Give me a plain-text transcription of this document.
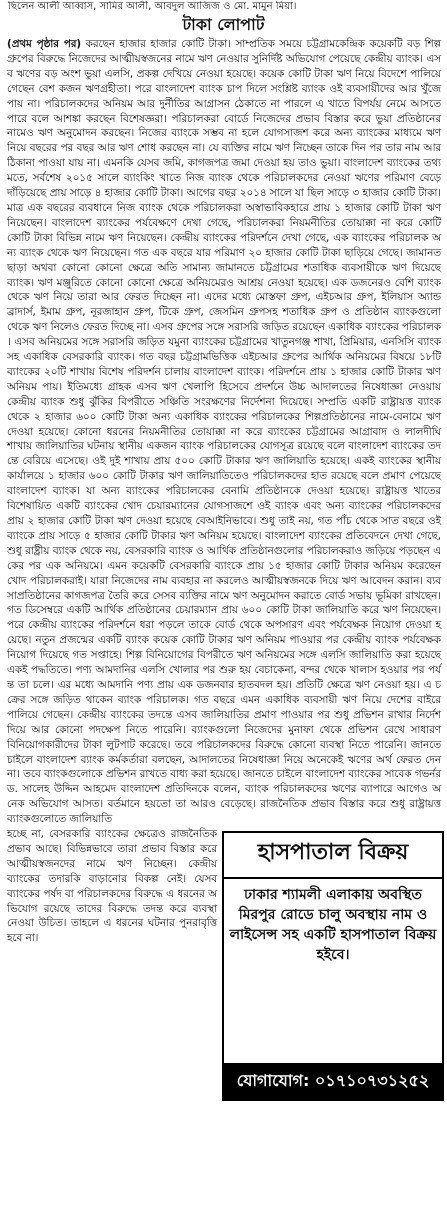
ছিলেন আলী আব্বাস, সামির আলী, আবদুল আজিজ ও মো. মামুন মিয়া।
টাকা লোপাট

(প্রথম পৃষ্ঠার পর) করছেন হাজার হাজার কোটি টাকা। সাম্প্রতিক সময়ে চট্টগ্রামকেন্দ্রিক কয়েকটি বড় শিল্প গ্রুপের বিরুদ্ধে নিজেদের আত্মীয়স্বজনের নামে ঋণ নেওয়ার সুনির্দিষ্ট অভিযোগ পেয়েছে কেন্দ্রীয় ব্যাংক। এসব ঋণের বড় অংশ ভুয়া এলসি, প্রকল্প দেখিয়ে নেওয়া হয়েছে। কয়েক কোটি টাকা ঋণ নিয়ে বিদেশে পালিয়ে গেছেন বেশ কজন ঋণগ্রহীতা। পরে বাংলাদেশ ব্যাংক চাপ দিলে সংশ্লিষ্ট ব্যাংক ওই ব্যবসায়ীদের আর খুঁজে পায় না। পরিচালকদের অনিয়ম আর দুর্নীতির আগ্রাসন ঠেকাতে না পারলে এ খাতে বিপর্যয় নেমে আসতে পারে বলে আশঙ্কা করছেন বিশেষজ্ঞরা। পরিচালকরা বোর্ডে নিজেদের প্রভাব বিস্তার করে ভুয়া প্রতিষ্ঠানের নামেও ঋণ অনুমোদন করছেন। নিজের ব্যাংকে সম্ভব না হলে যোগসাজশ করে অন্য ব্যাংকের মাধ্যমে ঋণ নিয়ে বছরের পর বছর আর ঋণ শোধ করছেন না। যে ব্যক্তির নামে ঋণ নিচ্ছেন তাকে দিন পর তার নাম আর ঠিকানা পাওয়া যায় না। এমনকি যেসব জমি, কাগজপত্র জমা দেওয়া হয় তাও ভুয়া। বাংলাদেশ ব্যাংকের তথ্যমতে, সর্বশেষ ২০১৫ সালে ব্যাংকিং খাতে নিজ ব্যাংক থেকে পরিচালকদের নেওয়া ঋণের পরিমাণ বেড়ে দাঁড়িয়েছে প্রায় সাড়ে ৪ হাজার কোটি টাকা। আগের বছর ২০১৪ সালে যা ছিল সাড়ে ৩ হাজার কোটি টাকা। মাত্র এক বছরের ব্যবধানে নিজ ব্যাংক থেকে পরিচালকরা অস্বাভাবিকহারে প্রায় ১ হাজার কোটি টাকা ঋণ নিয়েছেন। বাংলাদেশ ব্যাংকের পর্যবেক্ষণে দেখা গেছে, পরিচালকরা নিয়মনীতির তোয়াক্কা না করে কোটি কোটি টাকা বিভিন্ন নামে ঋণ নিয়েছেন। কেন্দ্রীয় ব্যাংকের পরিদর্শনে দেখা গেছে, এক ব্যাংকের পরিচালক অন্য ব্যাংক থেকে ঋণ নিয়েছেন। গত এক বছরে যার পরিমাণ ২০ হাজার কোটি টাকা ছাড়িয়ে গেছে। জামানত ছাড়া অথবা কোনো কোনো ক্ষেত্রে অতি সামান্য জামানতে চট্টগ্রামের শতাধিক ব্যবসায়ীকে ঋণ দিয়েছে ব্যাংক। ঋণ মঞ্জুরিতে কোনো কোনো ক্ষেত্রে অনিয়মেরও আশ্রয় নেওয়া হয়েছে। এক ডজনেরও বেশি ব্যাংক থেকে ঋণ নিয়ে তারা আর ফেরত দিচ্ছেন না। এদের মধ্যে মোস্তফা গ্রুপ, এইচআর গ্রুপ, ইলিয়াস অ্যান্ড ব্রাদার্স, ইমাম গ্রুপ, নূরজাহান গ্রুপ, টিকে গ্রুপ, জেসমিন গ্রুপসহ শতাধিক গ্রুপ ও প্রতিষ্ঠান ব্যাংকগুলো থেকে ঋণ নিলেও ফেরত দিচ্ছে না। এসব গ্রুপের সঙ্গে সরাসরি জড়িত রয়েছেন একাধিক ব্যাংকের পরিচালক। এসব অনিয়মের সঙ্গে সরাসরি জড়িত যমুনা ব্যাংকের চট্টগ্রামের খাতুনগঞ্জ শাখা, প্রিমিয়ার, এনসিসি ব্যাংকসহ একাধিক বেসরকারি ব্যাংক। গত বছর চট্টগ্রামভিত্তিক এইচআর গ্রুপের আর্থিক অনিয়মের বিষয়ে ১৮টি ব্যাংকের ২০টি শাখায় বিশেষ পরিদর্শন চালায় বাংলাদেশ ব্যাংক। পরিদর্শনে প্রায় ১ হাজার কোটি টাকার ঋণ অনিয়ম পায়। ইতিমধ্যে গ্রাহক এসব ঋণ খেলাপি হিসেবে প্রদর্শনে উচ্চ আদালতের নিষেধাজ্ঞা নেওয়ায় কেন্দ্রীয় ব্যাংক শুধু ঝুঁকির বিপরীতে সঞ্চিতি সংরক্ষণের নির্দেশনা দিয়েছে। সম্প্রতি একটি রাষ্ট্রায়ত্ত ব্যাংক থেকে ২ হাজার ৬০০ কোটি টাকা অন্য একাধিক ব্যাংকের পরিচালকের শিল্পপ্রতিষ্ঠানের নামে-বেনামে ঋণ দেওয়া হয়েছে। কোনো ধরনের নিয়মনীতির তোয়াক্কা না করে ব্যাংকের চট্টগ্রামের আগ্রাবাদ ও লালদীঘি শাখায় জালিয়াতির ঘটনায় স্থানীয় একজন ব্যাংক পরিচালকের যোগসূত্র রয়েছে বলে বাংলাদেশ ব্যাংকের তদন্তে বেরিয়ে এসেছে। ওই দুই শাখায় প্রায় ৫০০ কোটি টাকার ঋণ জালিয়াতি হয়েছে। একই ব্যাংকের স্থানীয় কার্যালয়ে ১ হাজার ৬০০ কোটি টাকার ঋণ জালিয়াতিতেও পরিচালকদের হাত রয়েছে বলে প্রমাণ পেয়েছে বাংলাদেশ ব্যাংক। যা অন্য ব্যাংকের পরিচালকের বেনামি প্রতিষ্ঠানকে দেওয়া হয়েছে। রাষ্ট্রায়ত্ত খাতের বিশেষায়িত একটি ব্যাংকের খোদ চেয়ারম্যানের যোগসাজশে ওই ব্যাংক এবং অন্য ব্যাংকের পরিচালকদের প্রায় ২ হাজার কোটি টাকা ঋণ দেওয়া হয়েছে বেআইনিভাবে। শুধু তাই নয়, গত পাঁচ থেকে সাত বছরে ওই ব্যাংকে প্রায় সাড়ে ৫ হাজার কোটি টাকার ঋণ অনিয়ম হয়েছে। বাংলাদেশ ব্যাংকের প্রতিবেদনে দেখা গেছে, শুধু রাষ্ট্রীয় ব্যাংক থেকে নয়, বেসরকারি ব্যাংক ও আর্থিক প্রতিষ্ঠানগুলোর পরিচালকরাও জড়িয়ে পড়ছেন একের পর এক অনিয়মে। এমন কয়েকটি বেসরকারি ব্যাংকে প্রায় ১৫ হাজার কোটি টাকার অনিয়ম করেছেন খোদ পরিচালকরাই। যারা নিজেদের নাম ব্যবহার না করলেও আত্মীয়স্বজনকে দিয়ে ঋণ আবেদন করান। ব্যবসাপ্রতিষ্ঠানের কাগজপত্র তৈরি করে সেসব ব্যক্তির নামে ঋণ অনুমোদন করাতে বোর্ড সভায় ভূমিকা রাখছেন। গত ডিসেম্বরে একটি আর্থিক প্রতিষ্ঠানের চেয়ারম্যান প্রায় ৬০০ কোটি টাকা জালিয়াতি করে ঋণ নিয়েছেন। পরে কেন্দ্রীয় ব্যাংকের পরিদর্শনে ধরা পড়লে তাকে বোর্ড থেকে অপসারণ এবং পর্যবেক্ষক নিয়োগ দেওয়া হয়েছে। নতুন প্রজন্মের একটি ব্যাংক কয়েক কোটি টাকার ঋণ অনিয়ম পাওয়ার পর কেন্দ্রীয় ব্যাংক পর্যবেক্ষক নিয়োগ দিয়েছে গত সপ্তাহে। শিল্প বিনিয়োগের বিপরীতে ঋণ অনিয়মের সঙ্গে এলসি জালিয়াতি করা হয়েছে একই পদ্ধতিতে। পণ্য আমদানির এলসি খোলার পর শুরু হয় বেচাকেনা, বন্দর থেকে খালাস হওয়ার পর পর্যন্ত তা চলে। এর মধ্যে আমদানি পণ্য প্রায় এক ডজনবার হাতবদল হয়। প্রতিটি ক্ষেত্রে ঋণ নেওয়া হয়। এ চক্রের সঙ্গে জড়িত থাকেন ব্যাংক পরিচালক। গত বছরে এমন একাধিক ব্যবসায়ী ঋণ নিয়ে দেশের বাইরে পালিয়ে গেছেন। কেন্দ্রীয় ব্যাংকের তদন্তে এসব জালিয়াতির প্রমাণ পাওয়ার পর শুধু প্রভিশন রাখার নির্দেশ দিয়ে আর কোনো পদক্ষেপ নিতে পারেনি। ব্যাংকগুলো নিজেদের মুনাফা থেকে প্রভিশন রেখে সাধারণ বিনিয়োগকারীদের টাকা লুটপাট করেছে। তবে পরিচালকদের বিরুদ্ধে কোনো ব্যবস্থা নিতে পারেনি। জানতে চাইলে বাংলাদেশ ব্যাংক কর্মকর্তারা বলছেন, আদালতের নিষেধাজ্ঞা নিয়ে অনেকেই ঋণের অর্থ ফেরত দেন না। তবে ব্যাংকগুলোকে প্রভিশন রাখতে বাধ্য করা হয়েছে। জানতে চাইলে বাংলাদেশ ব্যাংকের সাবেক গভর্নর ড. সালেহ উদ্দিন আহমেদ বাংলাদেশ প্রতিদিনকে বলেন, ব্যাংক পরিচালকদের ঋণের ব্যাপারে আগেও অনেক অভিযোগ আসত। বর্তমানে হয়তো তা আরও বেড়েছে। রাজনৈতিক প্রভাব বিস্তার করে শুধু রাষ্ট্রায়ত্ত ব্যাংকগুলোতে জালিয়াতি

হচ্ছে না, বেসরকারি ব্যাংকের ক্ষেত্রেও রাজনৈতিক প্রভাব আছে। বিভিন্নভাবে তারা প্রভাব বিস্তার করে আত্মীয়স্বজনদের নামে ঋণ নিচ্ছেন। কেন্দ্রীয় ব্যাংকের তদারকি বাড়ানোর বিকল্প নেই। যেসব ব্যাংকের পর্ষদ বা পরিচালকদের বিরুদ্ধে এ ধরনের অভিযোগ রয়েছে তাদের বিরুদ্ধে তদন্ত করে ব্যবস্থা নেওয়া উচিত। তাহলে এ ধরনের ঘটনার পুনরাবৃত্তি হবে না।
হাসপাতাল বিক্রয়
ঢাকার শ্যামলী এলাকায় অবস্থিত মিরপুর রোডে চালু অবস্থায় নাম ও লাইসেন্স সহ একটি হাসপাতাল বিক্রয় হইবে।
যোগাযোগ: ০১৭১০৭৩১২৫২
